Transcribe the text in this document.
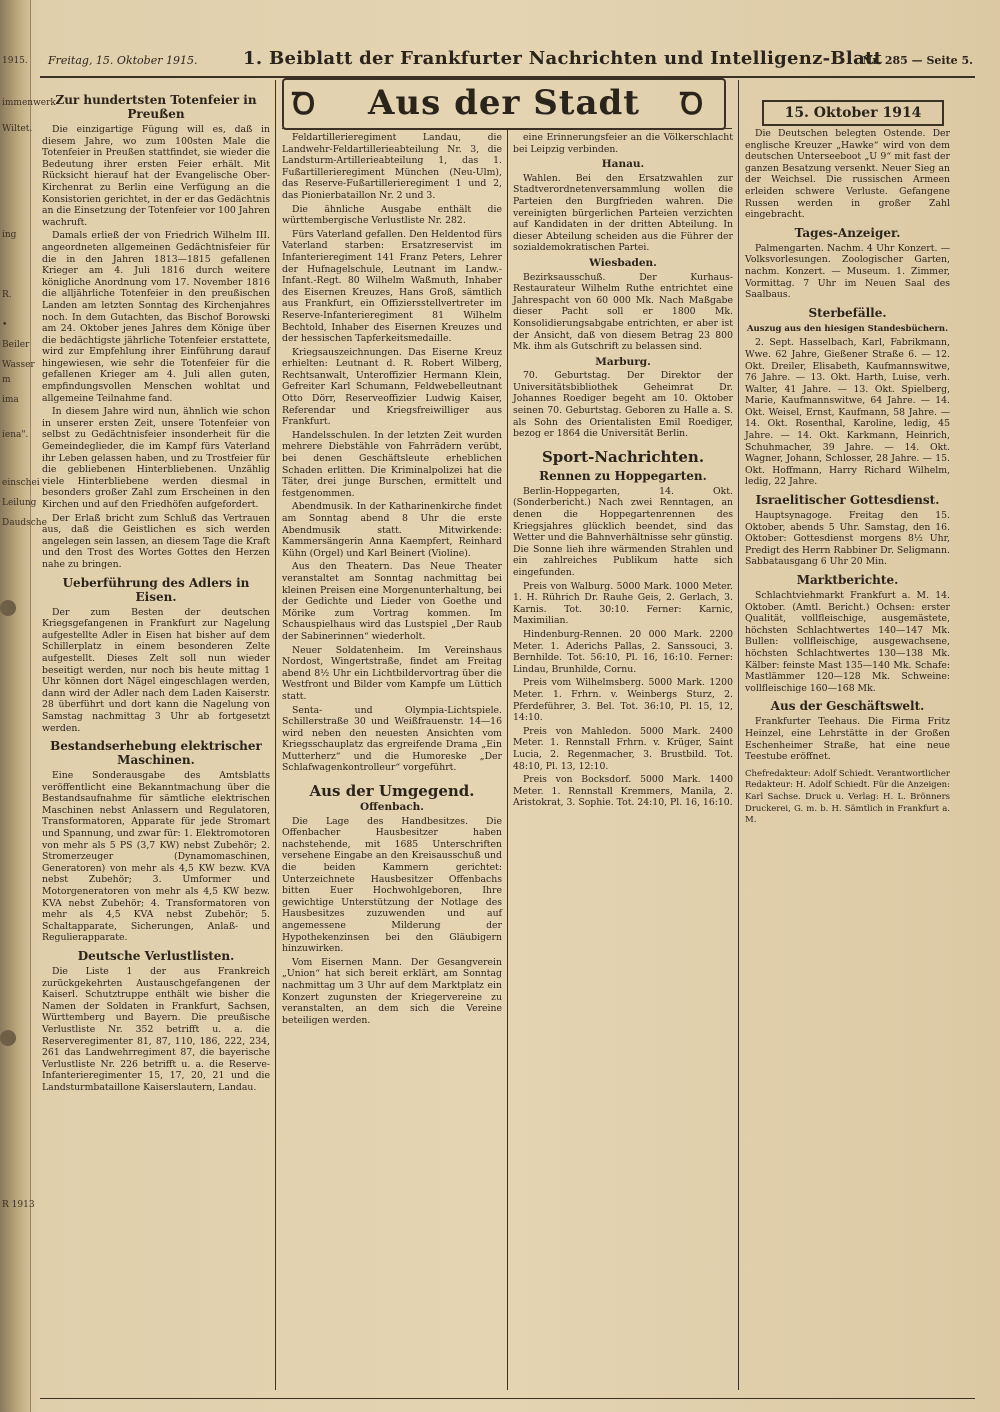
1915.
immenwerk
Wiltet.
ing
R.
•
Beiler
Wasser
m
ima
einschei
Leilung
iena".
Daudsche
R 1913
Freitag, 15. Oktober 1915.	1. Beiblatt der Frankfurter Nachrichten und Intelligenz-Blatt
Nr. 285 — Seite 5.
Ꝺ	Aus der Stadt	Ꝺ	15. Oktober 1914
Zur hundertsten Totenfeier in Preußen

Die einzigartige Fügung will es, daß in diesem Jahre, wo zum 100sten Male die Totenfeier in Preußen stattfindet, sie wieder die Bedeutung ihrer ersten Feier erhält. Mit Rücksicht hierauf hat der Evangelische Ober-Kirchenrat zu Berlin eine Verfügung an die Konsistorien gerichtet, in der er das Gedächtnis an die Einsetzung der Totenfeier vor 100 Jahren wachruft.

Damals erließ der von Friedrich Wilhelm III. angeordneten allgemeinen Gedächtnisfeier für die in den Jahren 1813—1815 gefallenen Krieger am 4. Juli 1816 durch weitere königliche Anordnung vom 17. November 1816 die alljährliche Totenfeier in den preußischen Landen am letzten Sonntag des Kirchenjahres noch. In dem Gutachten, das Bischof Borowski am 24. Oktober jenes Jahres dem Könige über die bedächtigste jährliche Totenfeier erstattete, wird zur Empfehlung ihrer Einführung darauf hingewiesen, wie sehr die Totenfeier für die gefallenen Krieger am 4. Juli allen guten, empfindungsvollen Menschen wohltat und allgemeine Teilnahme fand.

In diesem Jahre wird nun, ähnlich wie schon in unserer ersten Zeit, unsere Totenfeier von selbst zu Gedächtnisfeier insonderheit für die Gemeindeglieder, die im Kampf fürs Vaterland ihr Leben gelassen haben, und zu Trostfeier für die gebliebenen Hinterbliebenen. Unzählig viele Hinterbliebene werden diesmal in besonders großer Zahl zum Erscheinen in den Kirchen und auf den Friedhöfen aufgefordert.

Der Erlaß bricht zum Schluß das Vertrauen aus, daß die Geistlichen es sich werden angelegen sein lassen, an diesem Tage die Kraft und den Trost des Wortes Gottes den Herzen nahe zu bringen.

Ueberführung des Adlers in Eisen.

Der zum Besten der deutschen Kriegsgefangenen in Frankfurt zur Nagelung aufgestellte Adler in Eisen hat bisher auf dem Schillerplatz in einem besonderen Zelte aufgestellt. Dieses Zelt soll nun wieder beseitigt werden, nur noch bis heute mittag 1 Uhr können dort Nägel eingeschlagen werden, dann wird der Adler nach dem Laden Kaiserstr. 28 überführt und dort kann die Nagelung von Samstag nachmittag 3 Uhr ab fortgesetzt werden.

Bestandserhebung elektrischer Maschinen.

Eine Sonderausgabe des Amtsblatts veröffentlicht eine Bekanntmachung über die Bestandsaufnahme für sämtliche elektrischen Maschinen nebst Anlassern und Regulatoren, Transformatoren, Apparate für jede Stromart und Spannung, und zwar für: 1. Elektromotoren von mehr als 5 PS (3,7 KW) nebst Zubehör; 2. Stromerzeuger (Dynamomaschinen, Generatoren) von mehr als 4,5 KW bezw. KVA nebst Zubehör; 3. Umformer und Motorgeneratoren von mehr als 4,5 KW bezw. KVA nebst Zubehör; 4. Transformatoren von mehr als 4,5 KVA nebst Zubehör; 5. Schaltapparate, Sicherungen, Anlaß- und Regulierapparate.

Deutsche Verlustlisten.

Die Liste 1 der aus Frankreich zurückgekehrten Austauschgefangenen der Kaiserl. Schutztruppe enthält wie bisher die Namen der Soldaten in Frankfurt, Sachsen, Württemberg und Bayern. Die preußische Verlustliste Nr. 352 betrifft u. a. die Reserveregimenter 81, 87, 110, 186, 222, 234, 261 das Landwehrregiment 87, die bayerische Verlustliste Nr. 226 betrifft u. a. die Reserve-Infanterieregimenter 15, 17, 20, 21 und die Landsturmbataillone Kaiserslautern, Landau.

Feldartillerieregiment Landau, die Landwehr-Feldartillerieabteilung Nr. 3, die Landsturm-Artillerieabteilung 1, das 1. Fußartillerieregiment München (Neu-Ulm), das Reserve-Fußartillerieregiment 1 und 2, das Pionierbataillon Nr. 2 und 3.

Die ähnliche Ausgabe enthält die württembergische Verlustliste Nr. 282.

Fürs Vaterland gefallen. Den Heldentod fürs Vaterland starben: Ersatzreservist im Infanterieregiment 141 Franz Peters, Lehrer der Hufnagelschule, Leutnant im Landw.-Infant.-Regt. 80 Wilhelm Waßmuth, Inhaber des Eisernen Kreuzes, Hans Groß, sämtlich aus Frankfurt, ein Offiziersstellvertreter im Reserve-Infanterieregiment 81 Wilhelm Bechtold, Inhaber des Eisernen Kreuzes und der hessischen Tapferkeitsmedaille.

Kriegsauszeichnungen. Das Eiserne Kreuz erhielten: Leutnant d. R. Robert Wilberg, Rechtsanwalt, Unteroffizier Hermann Klein, Gefreiter Karl Schumann, Feldwebelleutnant Otto Dörr, Reserveoffizier Ludwig Kaiser, Referendar und Kriegsfreiwilliger aus Frankfurt.

Handelsschulen. In der letzten Zeit wurden mehrere Diebstähle von Fahrrädern verübt, bei denen Geschäftsleute erheblichen Schaden erlitten. Die Kriminalpolizei hat die Täter, drei junge Burschen, ermittelt und festgenommen.

Abendmusik. In der Katharinenkirche findet am Sonntag abend 8 Uhr die erste Abendmusik statt. Mitwirkende: Kammersängerin Anna Kaempfert, Reinhard Kühn (Orgel) und Karl Beinert (Violine).

Aus den Theatern. Das Neue Theater veranstaltet am Sonntag nachmittag bei kleinen Preisen eine Morgenunterhaltung, bei der Gedichte und Lieder von Goethe und Mörike zum Vortrag kommen. Im Schauspielhaus wird das Lustspiel „Der Raub der Sabinerinnen“ wiederholt.

Neuer Soldatenheim. Im Vereinshaus Nordost, Wingertstraße, findet am Freitag abend 8½ Uhr ein Lichtbildervortrag über die Westfront und Bilder vom Kampfe um Lüttich statt.

Senta- und Olympia-Lichtspiele. Schillerstraße 30 und Weißfrauenstr. 14—16 wird neben den neuesten Ansichten vom Kriegsschauplatz das ergreifende Drama „Ein Mutterherz“ und die Humoreske „Der Schlafwagenkontrolleur“ vorgeführt.

Aus der Umgegend.
Offenbach.

Die Lage des Handbesitzes. Die Offenbacher Hausbesitzer haben nachstehende, mit 1685 Unterschriften versehene Eingabe an den Kreisausschuß und die beiden Kammern gerichtet: Unterzeichnete Hausbesitzer Offenbachs bitten Euer Hochwohlgeboren, Ihre gewichtige Unterstützung der Notlage des Hausbesitzes zuzuwenden und auf angemessene Milderung der Hypothekenzinsen bei den Gläubigern hinzuwirken.

Vom Eisernen Mann. Der Gesangverein „Union“ hat sich bereit erklärt, am Sonntag nachmittag um 3 Uhr auf dem Marktplatz ein Konzert zugunsten der Kriegervereine zu veranstalten, an dem sich die Vereine beteiligen werden.

eine Erinnerungsfeier an die Völkerschlacht bei Leipzig verbinden.

Hanau.

Wahlen. Bei den Ersatzwahlen zur Stadtverordnetenversammlung wollen die Parteien den Burgfrieden wahren. Die vereinigten bürgerlichen Parteien verzichten auf Kandidaten in der dritten Abteilung. In dieser Abteilung scheiden aus die Führer der sozialdemokratischen Partei.

Wiesbaden.

Bezirksausschuß. Der Kurhaus-Restaurateur Wilhelm Ruthe entrichtet eine Jahrespacht von 60 000 Mk. Nach Maßgabe dieser Pacht soll er 1800 Mk. Konsolidierungsabgabe entrichten, er aber ist der Ansicht, daß von diesem Betrag 23 800 Mk. ihm als Gutschrift zu belassen sind.

Marburg.

70. Geburtstag. Der Direktor der Universitätsbibliothek Geheimrat Dr. Johannes Roediger begeht am 10. Oktober seinen 70. Geburtstag. Geboren zu Halle a. S. als Sohn des Orientalisten Emil Roediger, bezog er 1864 die Universität Berlin.

Sport-Nachrichten.
Rennen zu Hoppegarten.

Berlin-Hoppegarten, 14. Okt. (Sonderbericht.) Nach zwei Renntagen, an denen die Hoppegartenrennen des Kriegsjahres glücklich beendet, sind das Wetter und die Bahnverhältnisse sehr günstig. Die Sonne lieh ihre wärmenden Strahlen und ein zahlreiches Publikum hatte sich eingefunden.

Preis von Walburg. 5000 Mark. 1000 Meter. 1. H. Rührich Dr. Rauhe Geis, 2. Gerlach, 3. Karnis. Tot. 30:10. Ferner: Karnic, Maximilian.

Hindenburg-Rennen. 20 000 Mark. 2200 Meter. 1. Aderichs Pallas, 2. Sanssouci, 3. Bernhilde. Tot. 56:10, Pl. 16, 16:10. Ferner: Lindau, Brunhilde, Cornu.

Preis vom Wilhelmsberg. 5000 Mark. 1200 Meter. 1. Frhrn. v. Weinbergs Sturz, 2. Pferdeführer, 3. Bel. Tot. 36:10, Pl. 15, 12, 14:10.

Preis von Mahledon. 5000 Mark. 2400 Meter. 1. Rennstall Frhrn. v. Krüger, Saint Lucia, 2. Regenmacher, 3. Brustbild. Tot. 48:10, Pl. 13, 12:10.

Preis von Bocksdorf. 5000 Mark. 1400 Meter. 1. Rennstall Kremmers, Manila, 2. Aristokrat, 3. Sophie. Tot. 24:10, Pl. 16, 16:10.

Die Deutschen belegten Ostende. Der englische Kreuzer „Hawke“ wird von dem deutschen Unterseeboot „U 9“ mit fast der ganzen Besatzung versenkt. Neuer Sieg an der Weichsel. Die russischen Armeen erleiden schwere Verluste. Gefangene Russen werden in großer Zahl eingebracht.

Tages-Anzeiger.

Palmengarten. Nachm. 4 Uhr Konzert. — Volksvorlesungen. Zoologischer Garten, nachm. Konzert. — Museum. 1. Zimmer, Vormittag. 7 Uhr im Neuen Saal des Saalbaus.

Sterbefälle.
Auszug aus den hiesigen Standesbüchern.

2. Sept. Hasselbach, Karl, Fabrikmann, Wwe. 62 Jahre, Gießener Straße 6. — 12. Okt. Dreiler, Elisabeth, Kaufmannswitwe, 76 Jahre. — 13. Okt. Harth, Luise, verh. Walter, 41 Jahre. — 13. Okt. Spielberg, Marie, Kaufmannswitwe, 64 Jahre. — 14. Okt. Weisel, Ernst, Kaufmann, 58 Jahre. — 14. Okt. Rosenthal, Karoline, ledig, 45 Jahre. — 14. Okt. Karkmann, Heinrich, Schuhmacher, 39 Jahre. — 14. Okt. Wagner, Johann, Schlosser, 28 Jahre. — 15. Okt. Hoffmann, Harry Richard Wilhelm, ledig, 22 Jahre.

Israelitischer Gottesdienst.

Hauptsynagoge. Freitag den 15. Oktober, abends 5 Uhr. Samstag, den 16. Oktober: Gottesdienst morgens 8½ Uhr, Predigt des Herrn Rabbiner Dr. Seligmann. Sabbatausgang 6 Uhr 20 Min.

Marktberichte.

Schlachtviehmarkt Frankfurt a. M. 14. Oktober. (Amtl. Bericht.) Ochsen: erster Qualität, vollfleischige, ausgemästete, höchsten Schlachtwertes 140—147 Mk. Bullen: vollfleischige, ausgewachsene, höchsten Schlachtwertes 130—138 Mk. Kälber: feinste Mast 135—140 Mk. Schafe: Mastlämmer 120—128 Mk. Schweine: vollfleischige 160—168 Mk.

Aus der Geschäftswelt.

Frankfurter Teehaus. Die Firma Fritz Heinzel, eine Lehrstätte in der Großen Eschenheimer Straße, hat eine neue Teestube eröffnet.

Chefredakteur: Adolf Schiedt. Verantwortlicher Redakteur: H. Adolf Schiedt. Für die Anzeigen: Karl Sachse. Druck u. Verlag: H. L. Brönners Druckerei, G. m. b. H. Sämtlich in Frankfurt a. M.
